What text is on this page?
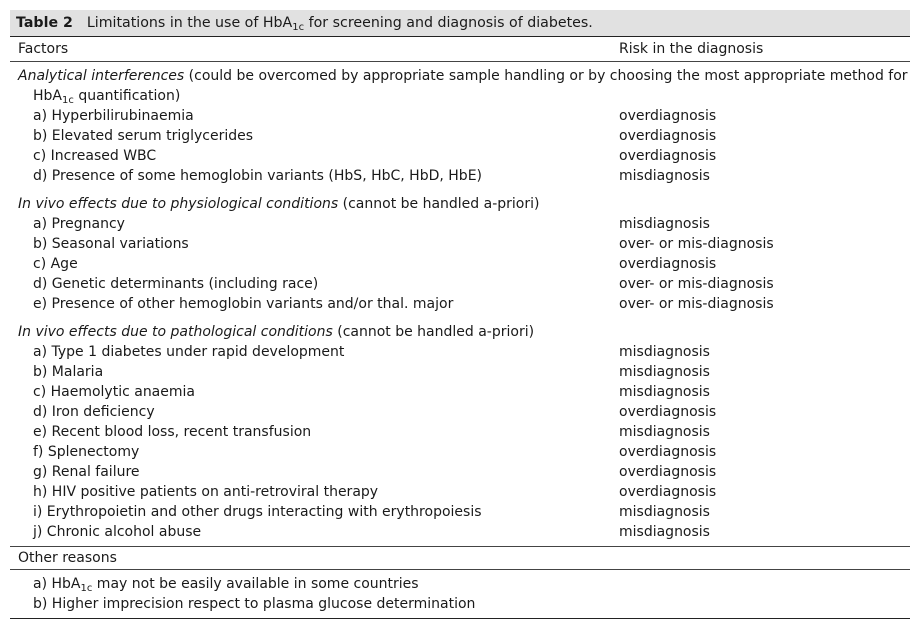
Table 2 Limitations in the use of HbA$_{1c}$ for screening and diagnosis of diabetes.
Factors	Risk in the diagnosis
Analytical interferences (could be overcomed by appropriate sample handling or by choosing the most appropriate method for
HbA$_{1c}$ quantification)
a) Hyperbilirubinaemia	overdiagnosis
b) Elevated serum triglycerides	overdiagnosis
c) Increased WBC	overdiagnosis
d) Presence of some hemoglobin variants (HbS, HbC, HbD, HbE)	misdiagnosis
In vivo effects due to physiological conditions (cannot be handled a-priori)
a) Pregnancy	misdiagnosis
b) Seasonal variations	over- or mis-diagnosis
c) Age	overdiagnosis
d) Genetic determinants (including race)	over- or mis-diagnosis
e) Presence of other hemoglobin variants and/or thal. major	over- or mis-diagnosis
In vivo effects due to pathological conditions (cannot be handled a-priori)
a) Type 1 diabetes under rapid development	misdiagnosis
b) Malaria	misdiagnosis
c) Haemolytic anaemia	misdiagnosis
d) Iron deficiency	overdiagnosis
e) Recent blood loss, recent transfusion	misdiagnosis
f) Splenectomy	overdiagnosis
g) Renal failure	overdiagnosis
h) HIV positive patients on anti-retroviral therapy	overdiagnosis
i) Erythropoietin and other drugs interacting with erythropoiesis	misdiagnosis
j) Chronic alcohol abuse	misdiagnosis
Other reasons
a) HbA$_{1c}$ may not be easily available in some countries
b) Higher imprecision respect to plasma glucose determination
